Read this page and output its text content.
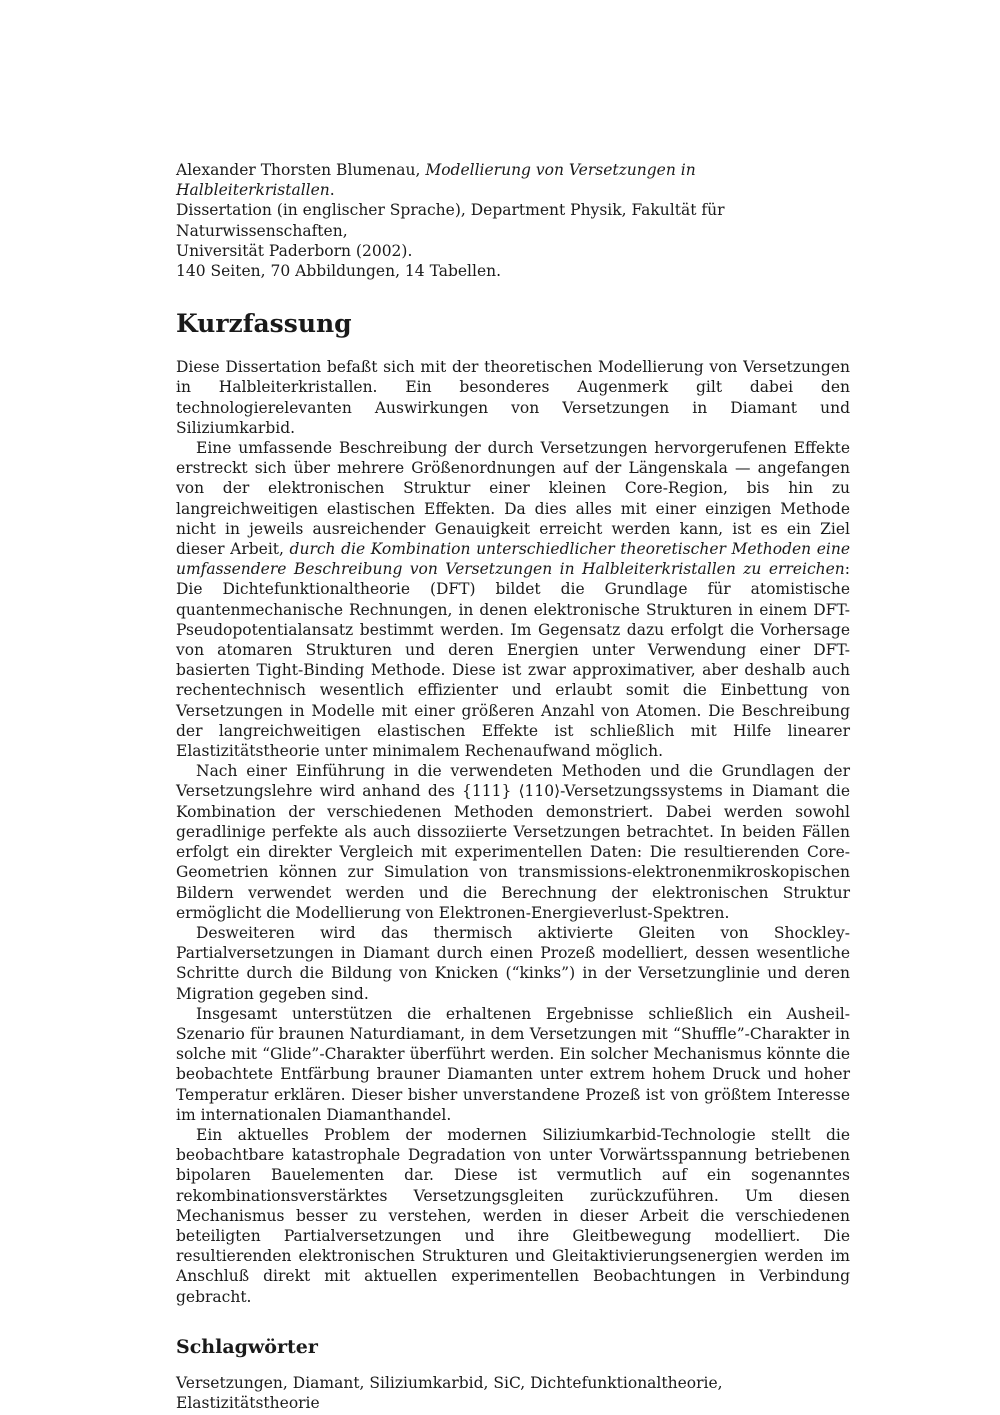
Alexander Thorsten Blumenau, Modellierung von Versetzungen in Halbleiterkristallen.

Dissertation (in englischer Sprache), Department Physik, Fakultät für Naturwissenschaften,

Universität Paderborn (2002).

140 Seiten, 70 Abbildungen, 14 Tabellen.

Kurzfassung

Diese Dissertation befaßt sich mit der theoretischen Modellierung von Versetzungen in Halbleiterkristallen. Ein besonderes Augenmerk gilt dabei den technologierelevanten Auswirkungen von Versetzungen in Diamant und Siliziumkarbid.

Eine umfassende Beschreibung der durch Versetzungen hervorgerufenen Effekte erstreckt sich über mehrere Größenordnungen auf der Längenskala — angefangen von der elektronischen Struktur einer kleinen Core-Region, bis hin zu langreichweitigen elastischen Effekten. Da dies alles mit einer einzigen Methode nicht in jeweils ausreichender Genauigkeit erreicht werden kann, ist es ein Ziel dieser Arbeit, durch die Kombination unterschiedlicher theoretischer Methoden eine umfassendere Beschreibung von Versetzungen in Halbleiterkristallen zu erreichen: Die Dichtefunktionaltheorie (DFT) bildet die Grundlage für atomistische quantenmechanische Rechnungen, in denen elektronische Strukturen in einem DFT-Pseudopotentialansatz bestimmt werden. Im Gegensatz dazu erfolgt die Vorhersage von atomaren Strukturen und deren Energien unter Verwendung einer DFT-basierten Tight-Binding Methode. Diese ist zwar approximativer, aber deshalb auch rechentechnisch wesentlich effizienter und erlaubt somit die Einbettung von Versetzungen in Modelle mit einer größeren Anzahl von Atomen. Die Beschreibung der langreichweitigen elastischen Effekte ist schließlich mit Hilfe linearer Elastizitätstheorie unter minimalem Rechenaufwand möglich.

Nach einer Einführung in die verwendeten Methoden und die Grundlagen der Versetzungslehre wird anhand des {111} ⟨110⟩-Versetzungssystems in Diamant die Kombination der verschiedenen Methoden demonstriert. Dabei werden sowohl geradlinige perfekte als auch dissoziierte Versetzungen betrachtet. In beiden Fällen erfolgt ein direkter Vergleich mit experimentellen Daten: Die resultierenden Core-Geometrien können zur Simulation von transmissions-elektronenmikroskopischen Bildern verwendet werden und die Berechnung der elektronischen Struktur ermöglicht die Modellierung von Elektronen-Energieverlust-Spektren.

Desweiteren wird das thermisch aktivierte Gleiten von Shockley-Partialversetzungen in Diamant durch einen Prozeß modelliert, dessen wesentliche Schritte durch die Bildung von Knicken (“kinks”) in der Versetzunglinie und deren Migration gegeben sind.

Insgesamt unterstützen die erhaltenen Ergebnisse schließlich ein Ausheil-Szenario für braunen Naturdiamant, in dem Versetzungen mit “Shuffle”-Charakter in solche mit “Glide”-Charakter überführt werden. Ein solcher Mechanismus könnte die beobachtete Entfärbung brauner Diamanten unter extrem hohem Druck und hoher Temperatur erklären. Dieser bisher unverstandene Prozeß ist von größtem Interesse im internationalen Diamanthandel.

Ein aktuelles Problem der modernen Siliziumkarbid-Technologie stellt die beobachtbare katastrophale Degradation von unter Vorwärtsspannung betriebenen bipolaren Bauelementen dar. Diese ist vermutlich auf ein sogenanntes rekombinationsverstärktes Versetzungsgleiten zurückzuführen. Um diesen Mechanismus besser zu verstehen, werden in dieser Arbeit die verschiedenen beteiligten Partialversetzungen und ihre Gleitbewegung modelliert. Die resultierenden elektronischen Strukturen und Gleitaktivierungsenergien werden im Anschluß direkt mit aktuellen experimentellen Beobachtungen in Verbindung gebracht.

Schlagwörter

Versetzungen, Diamant, Siliziumkarbid, SiC, Dichtefunktionaltheorie, Elastizitätstheorie
